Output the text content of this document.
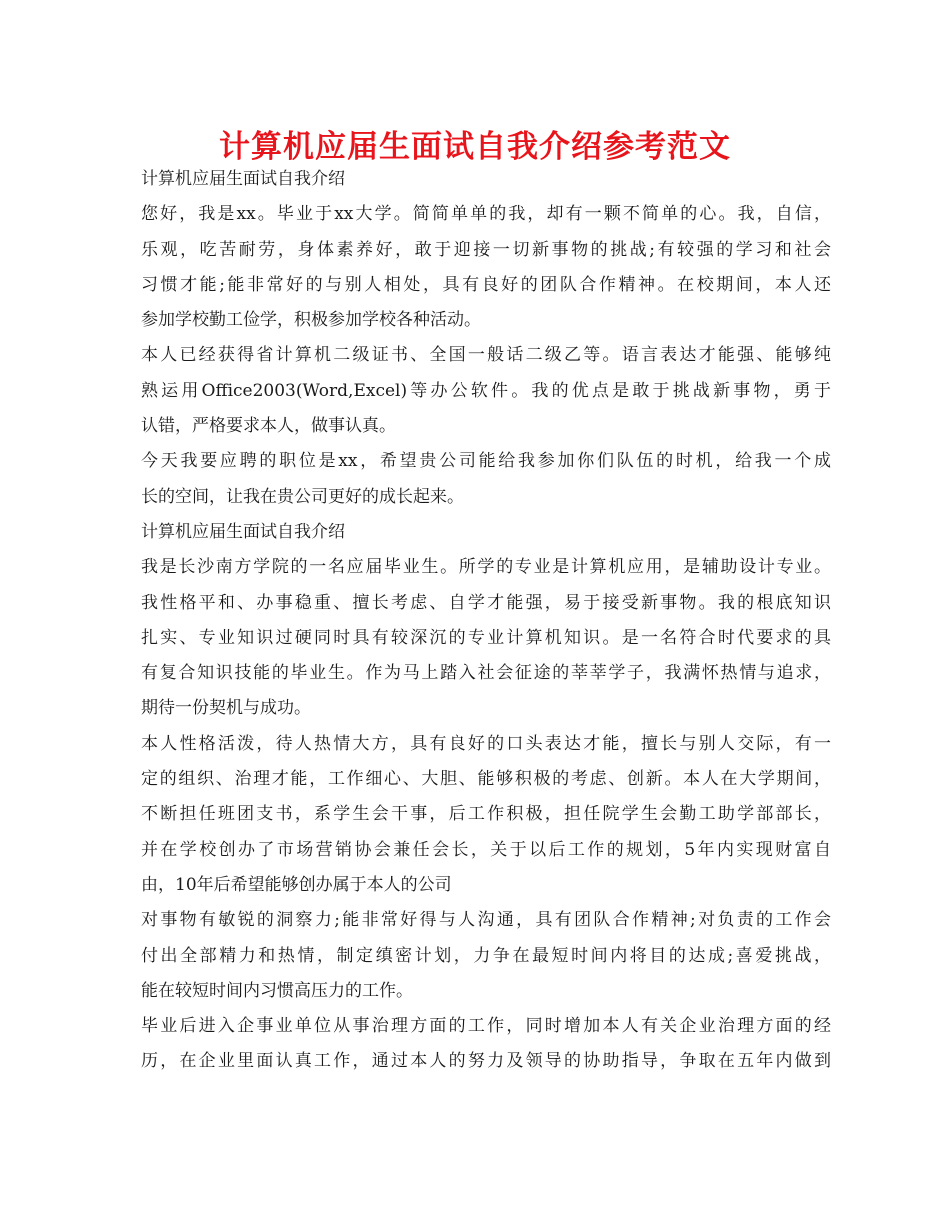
计算机应届生面试自我介绍参考范文
计算机应届生面试自我介绍
您好，我是xx。毕业于xx大学。简简单单的我，却有一颗不简单的心。我，自信，
乐观，吃苦耐劳，身体素养好，敢于迎接一切新事物的挑战;有较强的学习和社会
习惯才能;能非常好的与别人相处，具有良好的团队合作精神。在校期间，本人还
参加学校勤工俭学，积极参加学校各种活动。
本人已经获得省计算机二级证书、全国一般话二级乙等。语言表达才能强、能够纯
熟运用Office2003(Word,Excel)等办公软件。我的优点是敢于挑战新事物，勇于
认错，严格要求本人，做事认真。
今天我要应聘的职位是xx，希望贵公司能给我参加你们队伍的时机，给我一个成
长的空间，让我在贵公司更好的成长起来。
计算机应届生面试自我介绍
我是长沙南方学院的一名应届毕业生。所学的专业是计算机应用，是辅助设计专业。
我性格平和、办事稳重、擅长考虑、自学才能强，易于接受新事物。我的根底知识
扎实、专业知识过硬同时具有较深沉的专业计算机知识。是一名符合时代要求的具
有复合知识技能的毕业生。作为马上踏入社会征途的莘莘学子，我满怀热情与追求，
期待一份契机与成功。
本人性格活泼，待人热情大方，具有良好的口头表达才能，擅长与别人交际，有一
定的组织、治理才能，工作细心、大胆、能够积极的考虑、创新。本人在大学期间，
不断担任班团支书，系学生会干事，后工作积极，担任院学生会勤工助学部部长，
并在学校创办了市场营销协会兼任会长，关于以后工作的规划，5年内实现财富自
由，10年后希望能够创办属于本人的公司
对事物有敏锐的洞察力;能非常好得与人沟通，具有团队合作精神;对负责的工作会
付出全部精力和热情，制定缜密计划，力争在最短时间内将目的达成;喜爱挑战，
能在较短时间内习惯高压力的工作。
毕业后进入企事业单位从事治理方面的工作，同时增加本人有关企业治理方面的经
历，在企业里面认真工作，通过本人的努力及领导的协助指导，争取在五年内做到
